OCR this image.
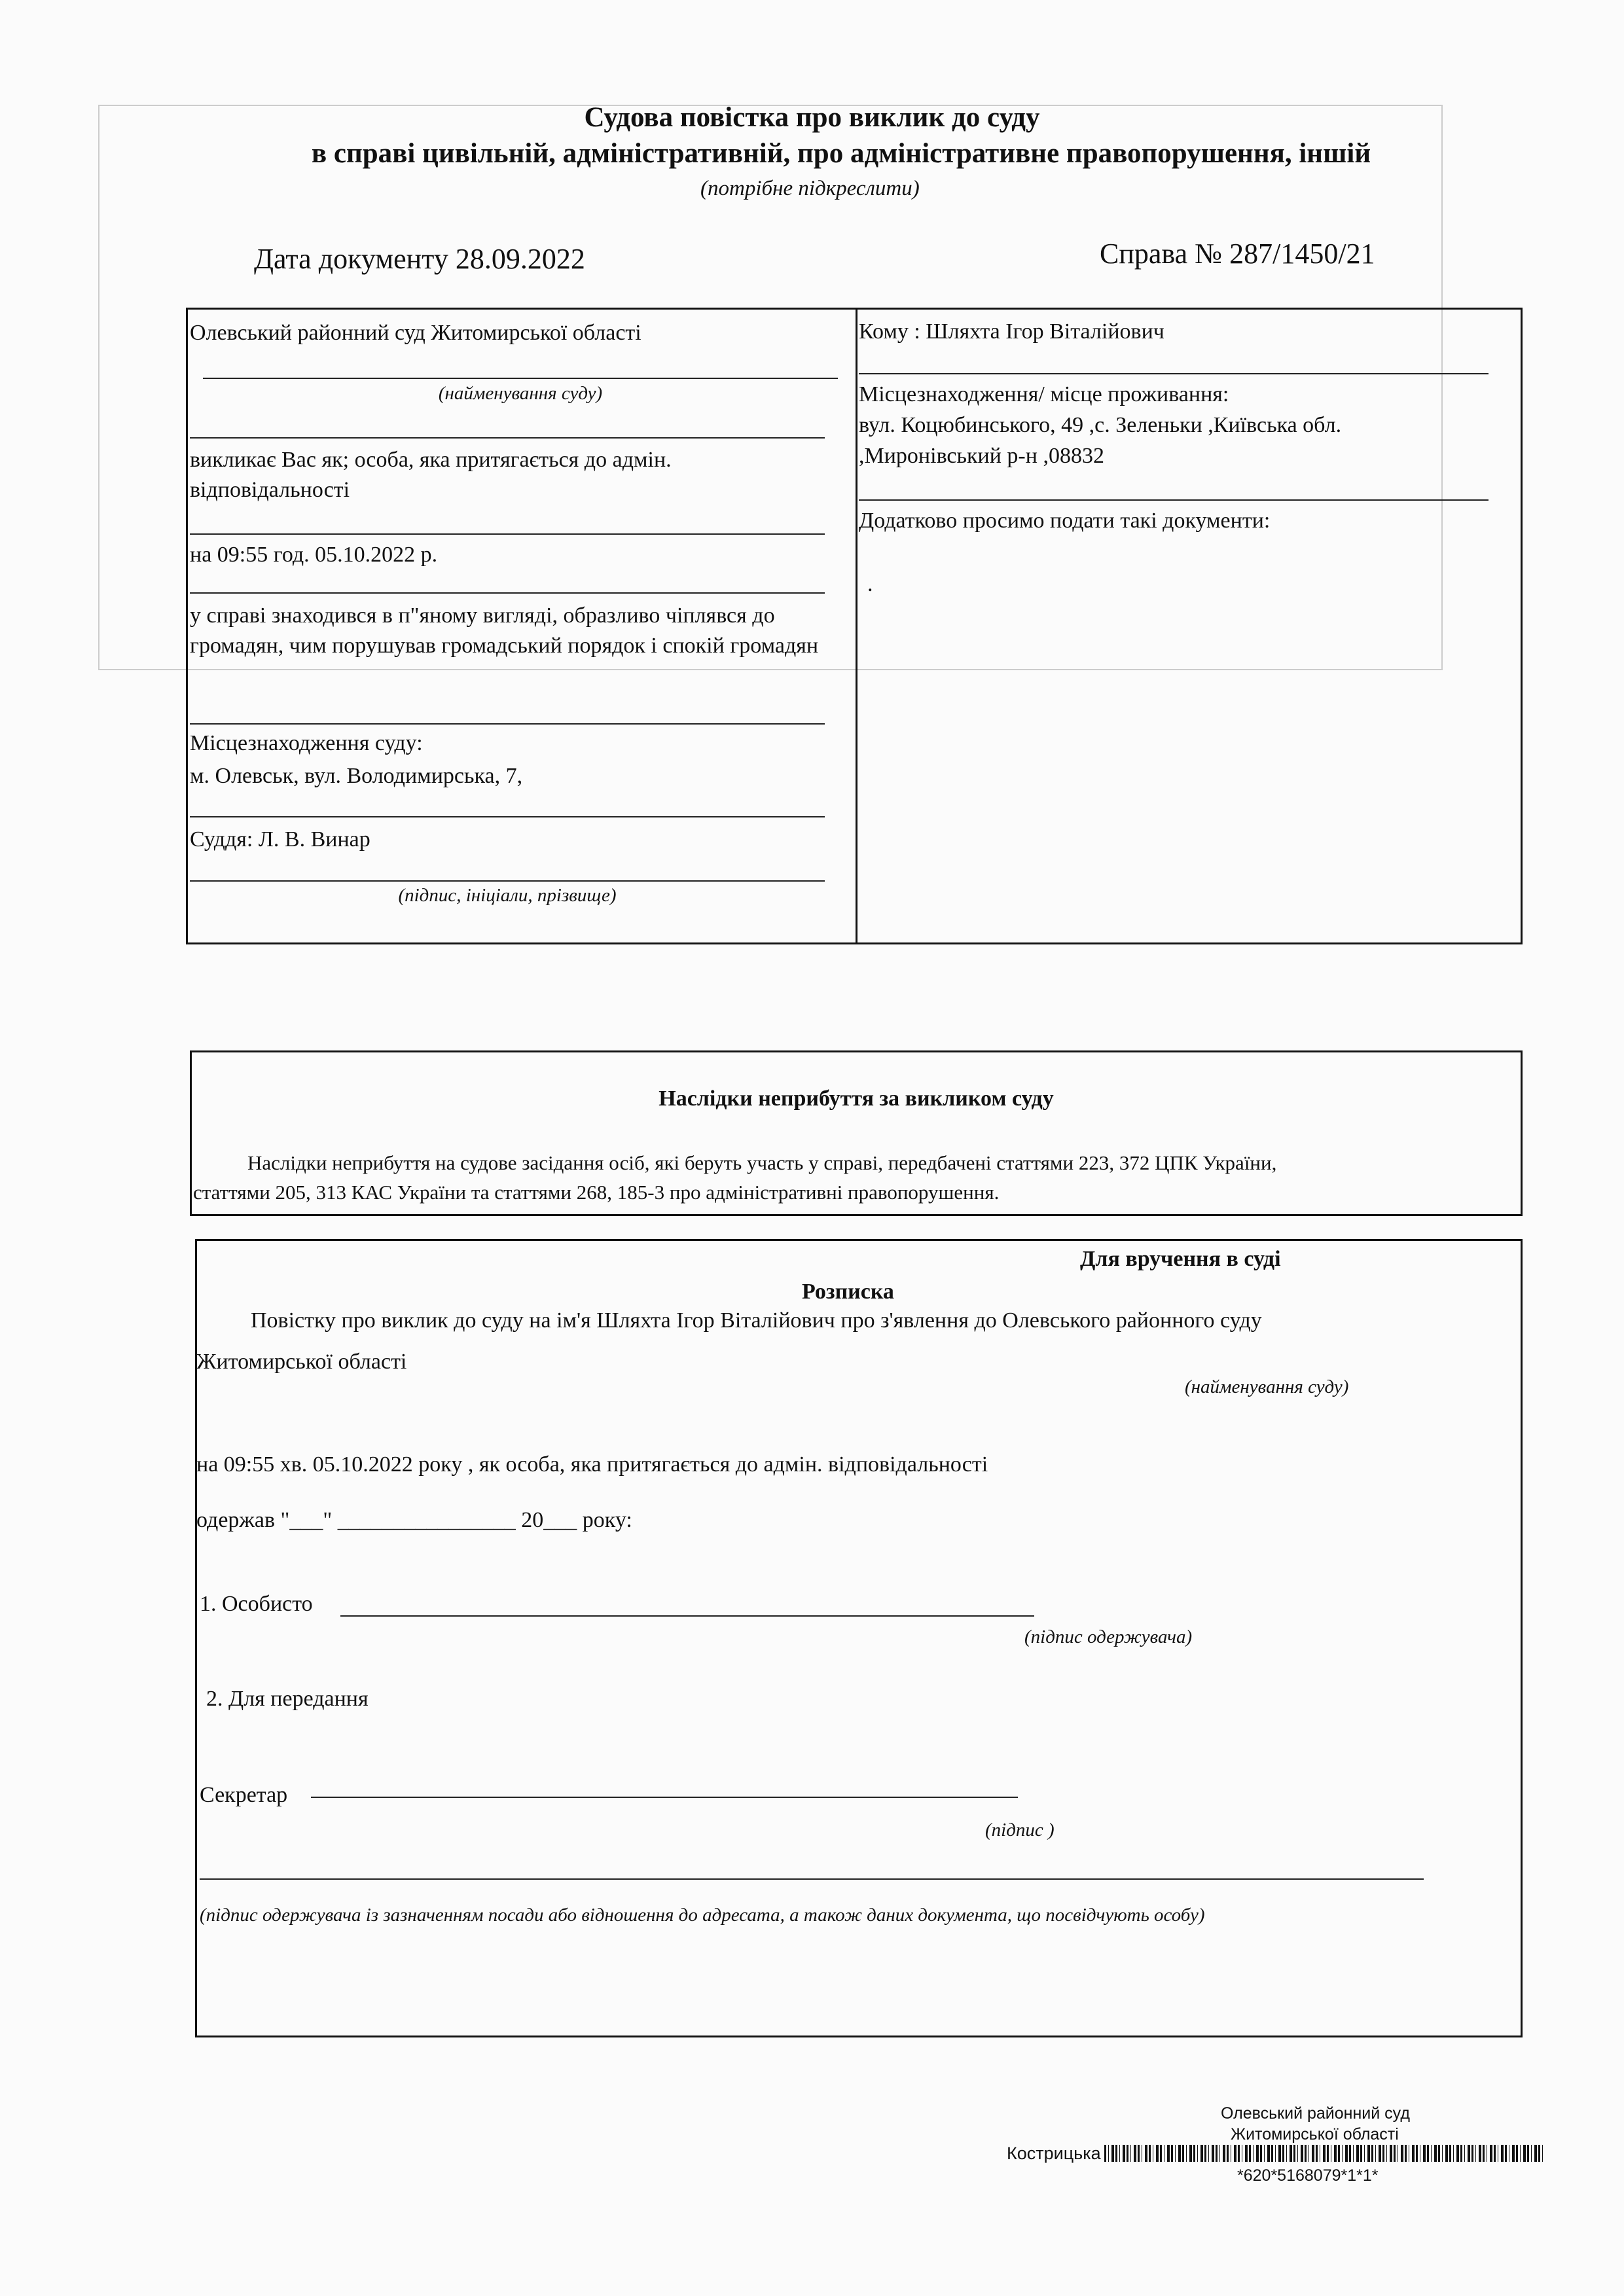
Судова повістка про виклик до суду
в справі цивільній, адміністративній, про адміністративне правопорушення, іншій
(потрібне підкреслити)
Дата документу 28.09.2022	Справа № 287/1450/21
Олевський районний суд Житомирської області
(найменування суду)
викликає Вас як; особа, яка притягається до адмін. відповідальності
на 09:55 год. 05.10.2022 р.
у справі знаходився в п"яному вигляді, образливо чіплявся до громадян, чим порушував громадський порядок і спокій громадян
Місцезнаходження суду:
м. Олевськ, вул. Володимирська, 7,
Суддя: Л. В. Винар
(підпис, ініціали, прізвище)
Кому : Шляхта Ігор Віталійович
Місцезнаходження/ місце проживання:
вул. Коцюбинського, 49 ,с. Зеленьки ,Київська обл.
,Миронівський р-н ,08832
Додатково просимо подати такі документи:
.
Наслідки неприбуття за викликом суду
Наслідки неприбуття на судове засідання осіб, які беруть участь у справі, передбачені статтями 223, 372 ЦПК України,
статтями 205, 313 КАС України та статтями 268, 185-3 про адміністративні правопорушення.
Для вручення в суді
Розписка
Повістку про виклик до суду на ім'я Шляхта Ігор Віталійович про з'явлення до Олевського районного суду
Житомирської області
(найменування суду)
на 09:55 хв. 05.10.2022 року , як особа, яка притягається до адмін. відповідальності
одержав "___" ________________ 20___ року:
1. Особисто
(підпис одержувача)
2. Для передання
Секретар
(підпис )
(підпис одержувача із зазначенням посади або відношення до адресата, а також даних документа, що посвідчують особу)
Олевський районний суд
Житомирської області
Кострицька
*620*5168079*1*1*
